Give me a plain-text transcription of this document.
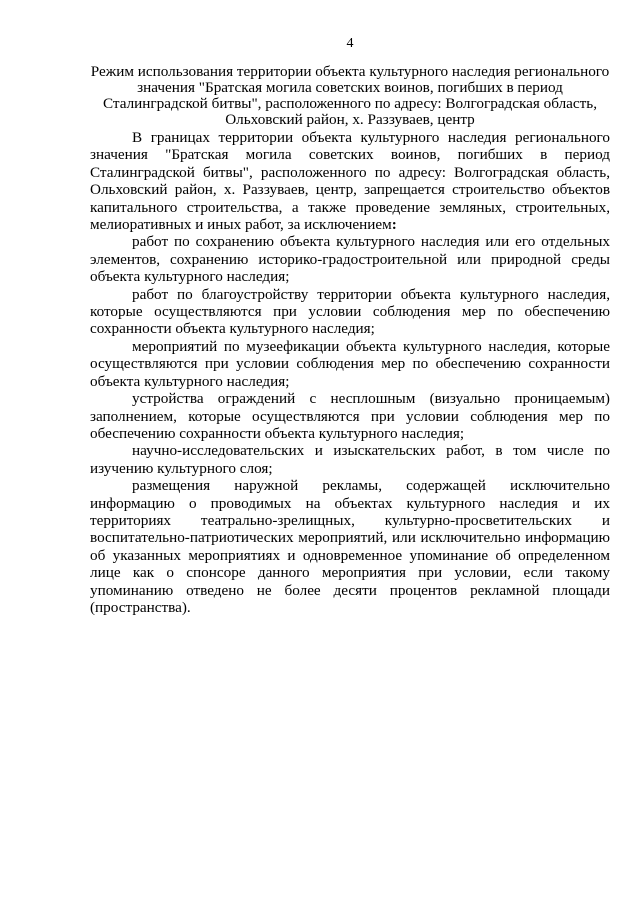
4
Режим использования территории объекта культурного наследия регионального
значения "Братская могила советских воинов, погибших в период
Сталинградской битвы", расположенного по адресу: Волгоградская область,
Ольховский район, х. Раззуваев, центр

В границах территории объекта культурного наследия регионального значения "Братская могила советских воинов, погибших в период Сталинградской битвы", расположенного по адресу: Волгоградская область, Ольховский район, х. Раззуваев, центр, запрещается строительство объектов капитального строительства, а также проведение земляных, строительных, мелиоративных и иных работ, за исключением:

работ по сохранению объекта культурного наследия или его отдельных элементов, сохранению историко-градостроительной или природной среды объекта культурного наследия;

работ по благоустройству территории объекта культурного наследия, которые осуществляются при условии соблюдения мер по обеспечению сохранности объекта культурного наследия;

мероприятий по музеефикации объекта культурного наследия, которые осуществляются при условии соблюдения мер по обеспечению сохранности объекта культурного наследия;

устройства ограждений с несплошным (визуально проницаемым) заполнением, которые осуществляются при условии соблюдения мер по обеспечению сохранности объекта культурного наследия;

научно-исследовательских и изыскательских работ, в том числе по изучению культурного слоя;

размещения наружной рекламы, содержащей исключительно информацию о проводимых на объектах культурного наследия и их территориях театрально-зрелищных, культурно-просветительских и воспитательно-патриотических мероприятий, или исключительно информацию об указанных мероприятиях и одновременное упоминание об определенном лице как о спонсоре данного мероприятия при условии, если такому упоминанию отведено не более десяти процентов рекламной площади (пространства).
